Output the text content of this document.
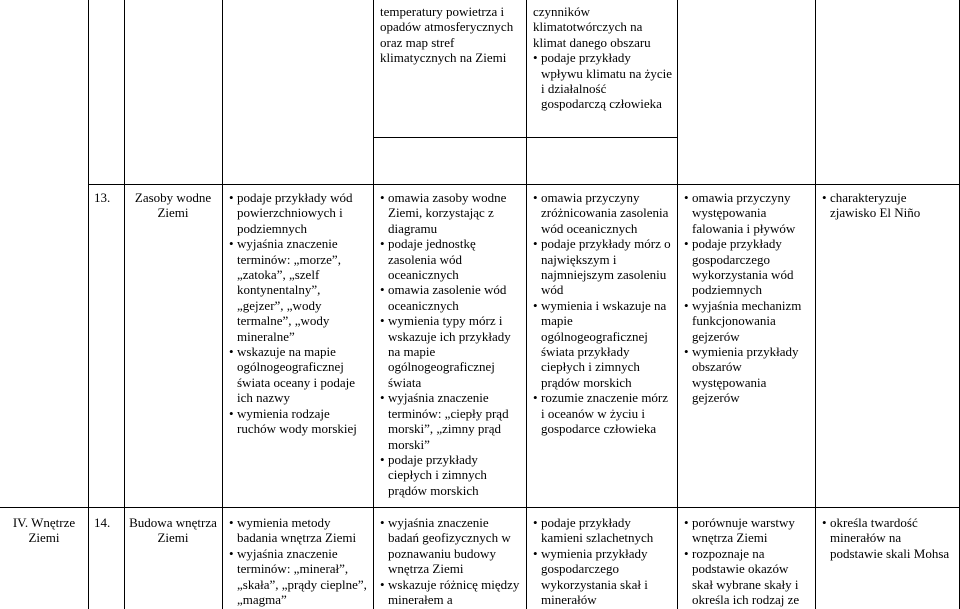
temperatury powietrza i opadów atmosferycznych oraz map stref klimatycznych na Ziemi
czynników klimatotwórczych na klimat danego obszaru
• podaje przykłady wpływu klimatu na życie i działalność gospodarczą człowieka
13.	Zasoby wodne Ziemi
• podaje przykłady wód powierzchniowych i podziemnych
• wyjaśnia znaczenie terminów: „morze”, „zatoka”, „szelf kontynentalny”, „gejzer”, „wody termalne”, „wody mineralne”
• wskazuje na mapie ogólnogeograficznej świata oceany i podaje ich nazwy
• wymienia rodzaje ruchów wody morskiej
• omawia zasoby wodne Ziemi, korzystając z diagramu
• podaje jednostkę zasolenia wód oceanicznych
• omawia zasolenie wód oceanicznych
• wymienia typy mórz i wskazuje ich przykłady na mapie ogólnogeograficznej świata
• wyjaśnia znaczenie terminów: „ciepły prąd morski”, „zimny prąd morski”
• podaje przykłady ciepłych i zimnych prądów morskich
• omawia przyczyny zróżnicowania zasolenia wód oceanicznych
• podaje przykłady mórz o największym i najmniejszym zasoleniu wód
• wymienia i wskazuje na mapie ogólnogeograficznej świata przykłady ciepłych i zimnych prądów morskich
• rozumie znaczenie mórz i oceanów w życiu i gospodarce człowieka
• omawia przyczyny występowania falowania i pływów
• podaje przykłady gospodarczego wykorzystania wód podziemnych
• wyjaśnia mechanizm funkcjonowania gejzerów
• wymienia przykłady obszarów występowania gejzerów
• charakteryzuje zjawisko El Niño
IV. Wnętrze Ziemi
14.	Budowa wnętrza Ziemi
• wymienia metody badania wnętrza Ziemi
• wyjaśnia znaczenie terminów: „minerał”, „skała”, „prądy cieplne”, „magma”
• wyjaśnia znaczenie badań geofizycznych w poznawaniu budowy wnętrza Ziemi
• wskazuje różnicę między minerałem a
• podaje przykłady kamieni szlachetnych
• wymienia przykłady gospodarczego wykorzystania skał i minerałów
• porównuje warstwy wnętrza Ziemi
• rozpoznaje na podstawie okazów skał wybrane skały i określa ich rodzaj ze
• określa twardość minerałów na podstawie skali Mohsa
